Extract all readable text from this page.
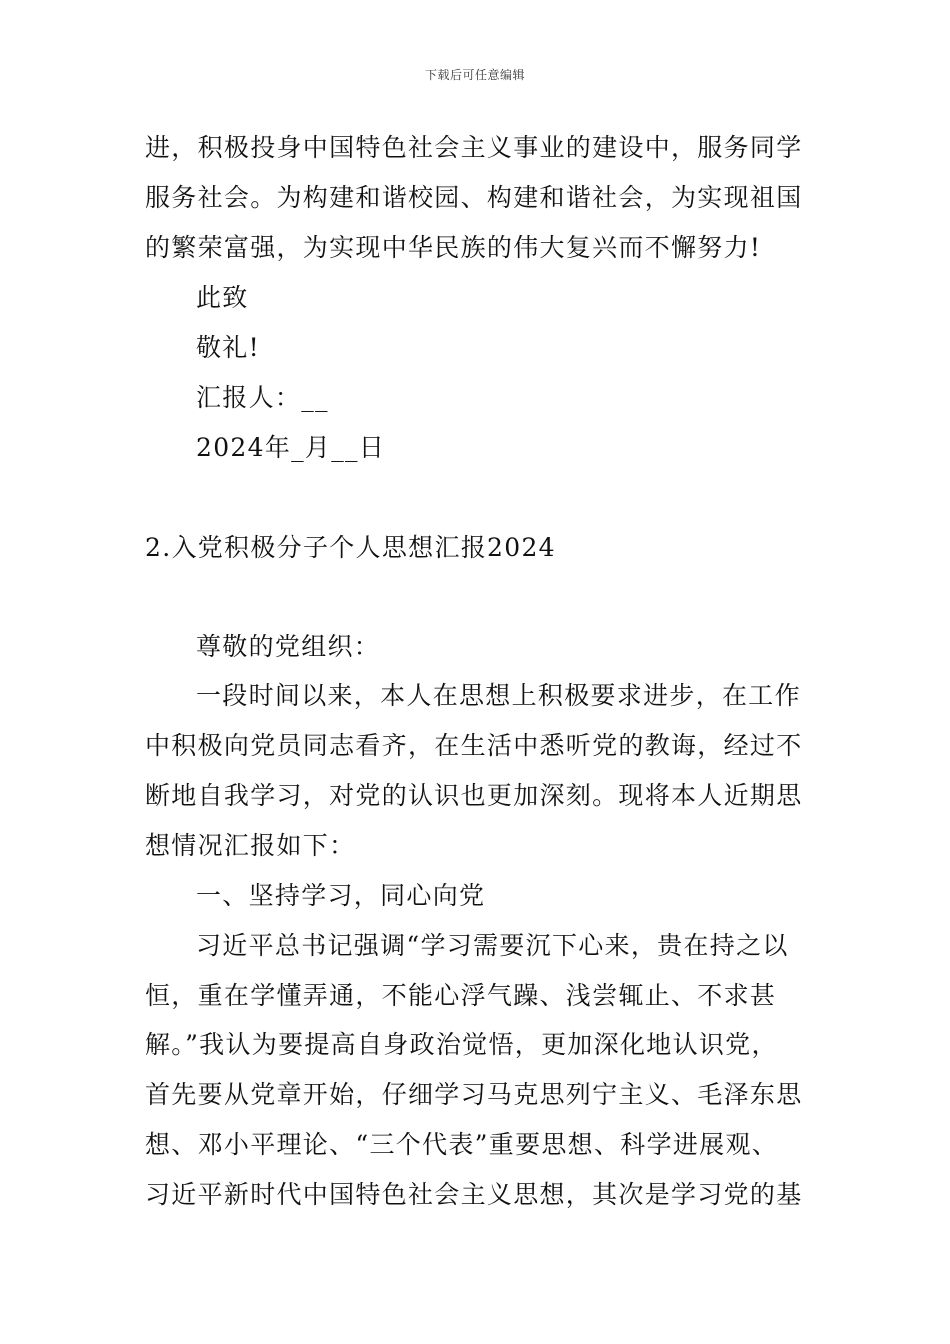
下载后可任意编辑
进，积极投身中国特色社会主义事业的建设中，服务同学
服务社会。为构建和谐校园、构建和谐社会，为实现祖国
的繁荣富强，为实现中华民族的伟大复兴而不懈努力!
此致
敬礼!
汇报人：__
2024年_月__日
2.入党积极分子个人思想汇报2024
尊敬的党组织：
一段时间以来，本人在思想上积极要求进步，在工作
中积极向党员同志看齐，在生活中悉听党的教诲，经过不
断地自我学习，对党的认识也更加深刻。现将本人近期思
想情况汇报如下：
一、坚持学习，同心向党
习近平总书记强调“学习需要沉下心来，贵在持之以
恒，重在学懂弄通，不能心浮气躁、浅尝辄止、不求甚
解。”我认为要提高自身政治觉悟，更加深化地认识党，
首先要从党章开始，仔细学习马克思列宁主义、毛泽东思
想、邓小平理论、“三个代表”重要思想、科学进展观、
习近平新时代中国特色社会主义思想，其次是学习党的基
